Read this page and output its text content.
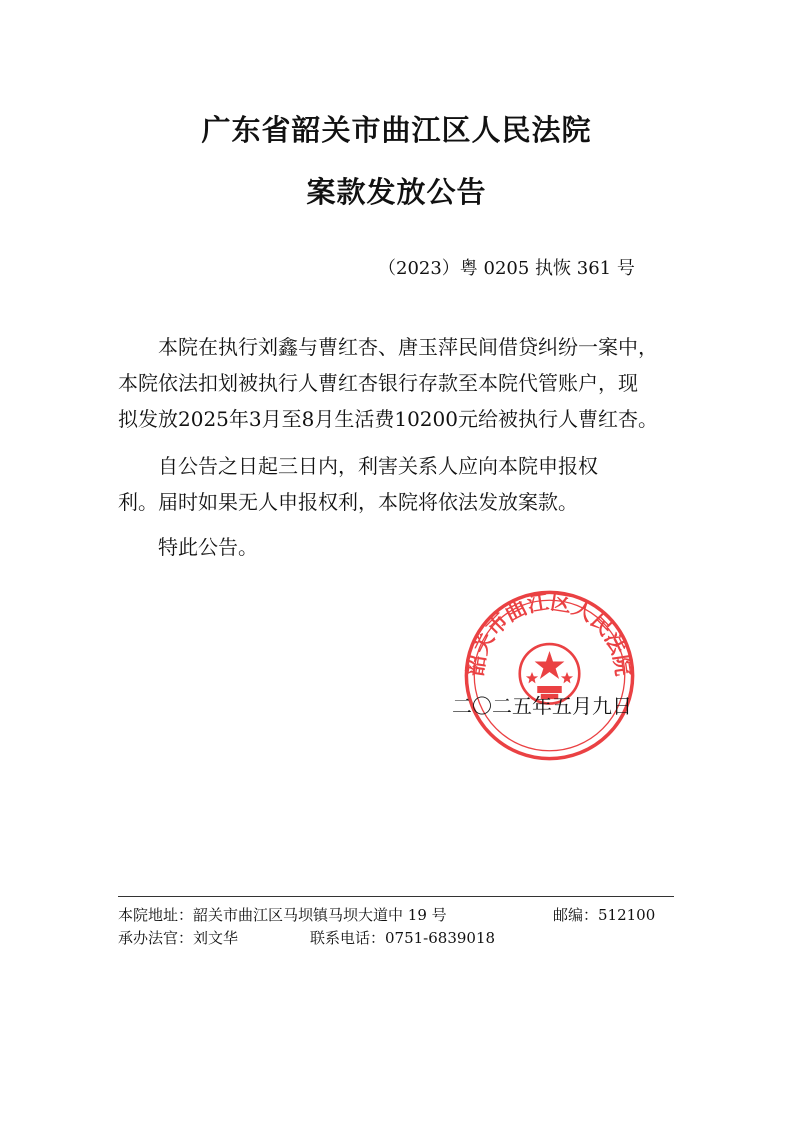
广东省韶关市曲江区人民法院
案款发放公告
（2023）粤 0205 执恢 361 号
　　本院在执行刘鑫与曹红杏、唐玉萍民间借贷纠纷一案中，
本院依法扣划被执行人曹红杏银行存款至本院代管账户，现
拟发放2025年3月至8月生活费10200元给被执行人曹红杏。
　　自公告之日起三日内，利害关系人应向本院申报权
利。届时如果无人申报权利，本院将依法发放案款。
　　特此公告。
韶关市曲江区人民法院
二〇二五年五月九日
本院地址：韶关市曲江区马坝镇马坝大道中 19 号	邮编：512100
承办法官：刘文华	联系电话：0751-6839018
